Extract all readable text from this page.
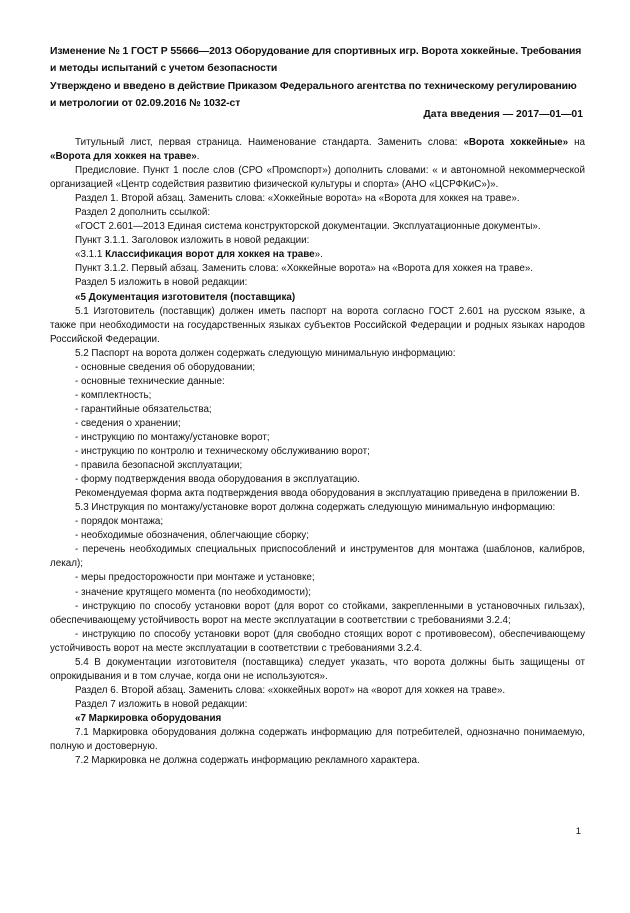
Изменение № 1 ГОСТ Р 55666—2013 Оборудование для спортивных игр. Ворота хоккейные. Требования и методы испытаний с учетом безопасности
Утверждено и введено в действие Приказом Федерального агентства по техническому регулированию и метрологии от 02.09.2016 № 1032-ст
Дата введения — 2017—01—01

Титульный лист, первая страница. Наименование стандарта. Заменить слова: «Ворота хоккейные» на «Ворота для хоккея на траве».

Предисловие. Пункт 1 после слов (СРО «Промспорт») дополнить словами: « и автономной некоммерческой организацией «Центр содействия развитию физической культуры и спорта» (АНО «ЦСРФКиС»)».

Раздел 1. Второй абзац. Заменить слова: «Хоккейные ворота» на «Ворота для хоккея на траве».

Раздел 2 дополнить ссылкой:

«ГОСТ 2.601—2013 Единая система конструкторской документации. Эксплуатационные документы».

Пункт 3.1.1. Заголовок изложить в новой редакции:

«3.1.1 Классификация ворот для хоккея на траве».

Пункт 3.1.2. Первый абзац. Заменить слова: «Хоккейные ворота» на «Ворота для хоккея на траве».

Раздел 5 изложить в новой редакции:

«5 Документация изготовителя (поставщика)

5.1 Изготовитель (поставщик) должен иметь паспорт на ворота согласно ГОСТ 2.601 на русском языке, а также при необходимости на государственных языках субъектов Российской Федерации и родных языках народов Российской Федерации.

5.2 Паспорт на ворота должен содержать следующую минимальную информацию:

- основные сведения об оборудовании;

- основные технические данные:

- комплектность;

- гарантийные обязательства;

- сведения о хранении;

- инструкцию по монтажу/установке ворот;

- инструкцию по контролю и техническому обслуживанию ворот;

- правила безопасной эксплуатации;

- форму подтверждения ввода оборудования в эксплуатацию.

Рекомендуемая форма акта подтверждения ввода оборудования в эксплуатацию приведена в приложении В.

5.3 Инструкция по монтажу/установке ворот должна содержать следующую минимальную информацию:

- порядок монтажа;

- необходимые обозначения, облегчающие сборку;

- перечень необходимых специальных приспособлений и инструментов для монтажа (шаблонов, калибров, лекал);

- меры предосторожности при монтаже и установке;

- значение крутящего момента (по необходимости);

- инструкцию по способу установки ворот (для ворот со стойками, закрепленными в установочных гильзах), обеспечивающему устойчивость ворот на месте эксплуатации в соответствии с требованиями 3.2.4;

- инструкцию по способу установки ворот (для свободно стоящих ворот с противовесом), обеспечивающему устойчивость ворот на месте эксплуатации в соответствии с требованиями 3.2.4.

5.4 В документации изготовителя (поставщика) следует указать, что ворота должны быть защищены от опрокидывания и в том случае, когда они не используются».

Раздел 6. Второй абзац. Заменить слова: «хоккейных ворот» на «ворот для хоккея на траве».

Раздел 7 изложить в новой редакции:

«7 Маркировка оборудования

7.1 Маркировка оборудования должна содержать информацию для потребителей, однозначно понимаемую, полную и достоверную.

7.2 Маркировка не должна содержать информацию рекламного характера.

1
